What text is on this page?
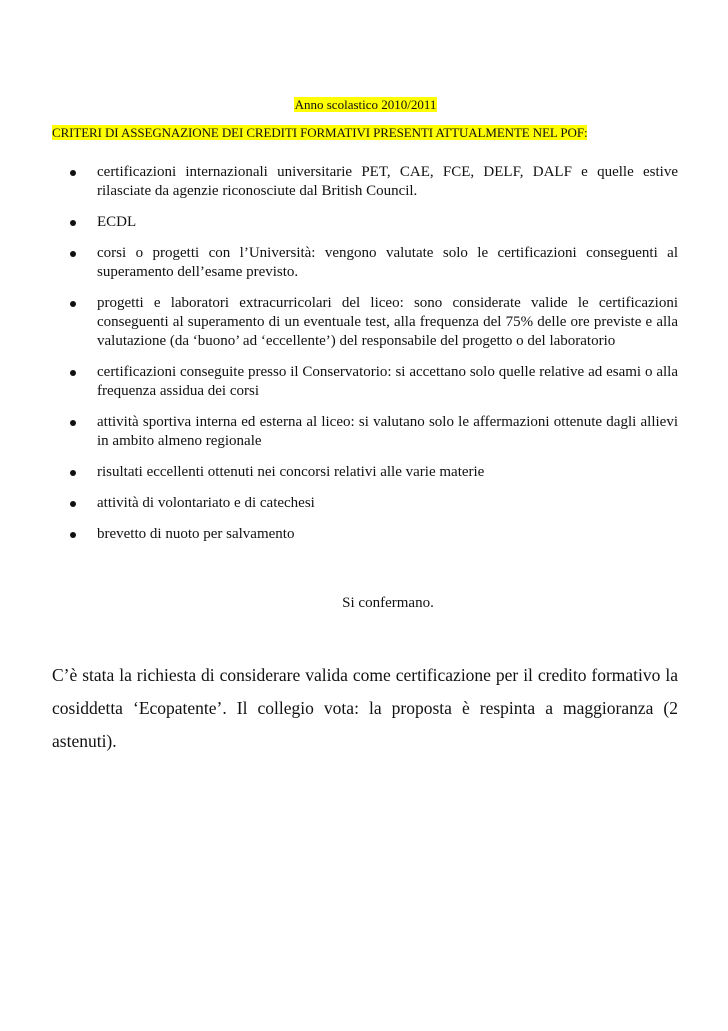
Anno scolastico 2010/2011
CRITERI DI ASSEGNAZIONE DEI CREDITI FORMATIVI PRESENTI ATTUALMENTE NEL POF:
certificazioni internazionali universitarie PET, CAE, FCE, DELF, DALF e quelle estive rilasciate da agenzie riconosciute dal British Council.
ECDL
corsi o progetti con l’Università: vengono valutate solo le certificazioni conseguenti al superamento dell’esame previsto.
progetti e laboratori extracurricolari del liceo: sono considerate valide le certificazioni conseguenti al superamento di un eventuale test, alla frequenza del 75% delle ore previste e alla valutazione (da ‘buono’ ad ‘eccellente’) del responsabile del progetto o del laboratorio
certificazioni conseguite presso il Conservatorio: si accettano solo quelle relative ad esami o alla frequenza assidua dei corsi
attività sportiva interna ed esterna al liceo: si valutano solo le affermazioni ottenute dagli allievi in ambito almeno regionale
risultati eccellenti ottenuti nei concorsi relativi alle varie materie
attività di volontariato e di catechesi
brevetto di nuoto per salvamento
Si confermano.

C’è stata la richiesta di considerare valida come certificazione per il credito formativo la cosiddetta ‘Ecopatente’. Il collegio vota: la proposta è respinta a maggioranza (2 astenuti).
